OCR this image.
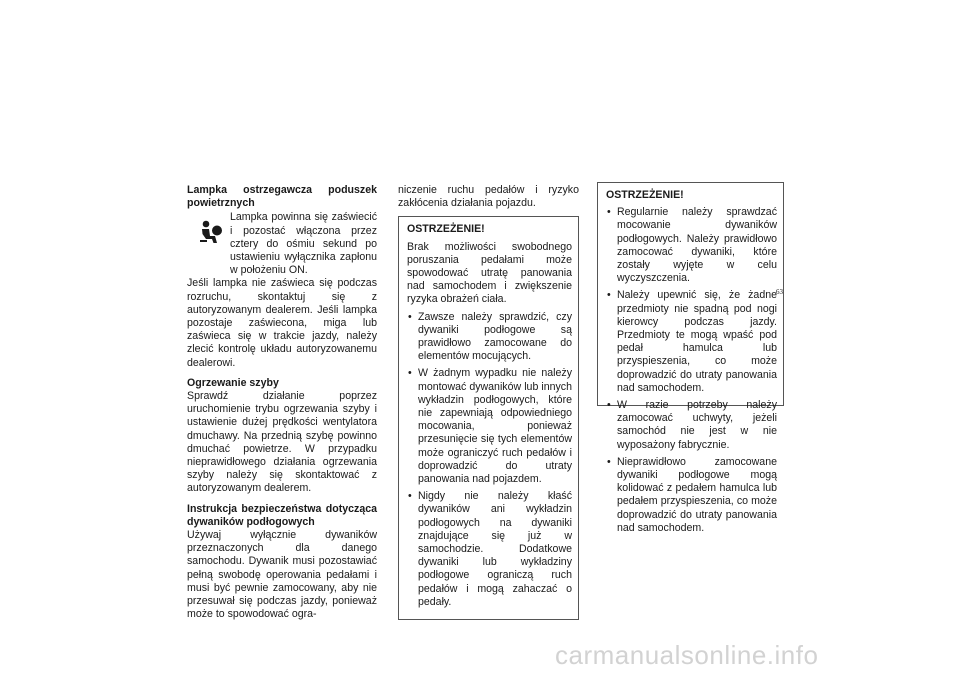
Lampka ostrzegawcza poduszek powietrznych

Lampka powinna się zaświecić i pozostać włączona przez cztery do ośmiu sekund po ustawieniu wyłącznika zapłonu w położeniu ON.

Jeśli lampka nie zaświeca się podczas rozruchu, skontaktuj się z autoryzowanym dealerem. Jeśli lampka pozostaje zaświecona, miga lub zaświeca się w trakcie jazdy, należy zlecić kontrolę układu autoryzowanemu dealerowi.

Ogrzewanie szyby

Sprawdź działanie poprzez uruchomienie trybu ogrzewania szyby i ustawienie dużej prędkości wentylatora dmuchawy. Na przednią szybę powinno dmuchać powietrze. W przypadku nieprawidłowego działania ogrzewania szyby należy się skontaktować z autoryzowanym dealerem.

Instrukcja bezpieczeństwa dotycząca dywaników podłogowych

Używaj wyłącznie dywaników przeznaczonych dla danego samochodu. Dywanik musi pozostawiać pełną swobodę operowania pedałami i musi być pewnie zamocowany, aby nie przesuwał się podczas jazdy, ponieważ może to spowodować ogra-

niczenie ruchu pedałów i ryzyko zakłócenia działania pojazdu.

OSTRZEŻENIE!

Brak możliwości swobodnego poruszania pedałami może spowodować utratę panowania nad samochodem i zwiększenie ryzyka obrażeń ciała.

• Zawsze należy sprawdzić, czy dywaniki podłogowe są prawidłowo zamocowane do elementów mocujących.
• W żadnym wypadku nie należy montować dywaników lub innych wykładzin podłogowych, które nie zapewniają odpowiedniego mocowania, ponieważ przesunięcie się tych elementów może ograniczyć ruch pedałów i doprowadzić do utraty panowania nad pojazdem.
• Nigdy nie należy kłaść dywaników ani wykładzin podłogowych na dywaniki znajdujące się już w samochodzie. Dodatkowe dywaniki lub wykładziny podłogowe ograniczą ruch pedałów i mogą zahaczać o pedały.
OSTRZEŻENIE!
• Regularnie należy sprawdzać mocowanie dywaników podłogowych. Należy prawidłowo zamocować dywaniki, które zostały wyjęte w celu wyczyszczenia.
• Należy upewnić się, że żadne przedmioty nie spadną pod nogi kierowcy podczas jazdy. Przedmioty te mogą wpaść pod pedał hamulca lub przyspieszenia, co może doprowadzić do utraty panowania nad samochodem.
• W razie potrzeby należy zamocować uchwyty, jeżeli samochód nie jest w nie wyposażony fabrycznie.
• Nieprawidłowo zamocowane dywaniki podłogowe mogą kolidować z pedałem hamulca lub pedałem przyspieszenia, co może doprowadzić do utraty panowania nad samochodem.
63
carmanualsonline.info
